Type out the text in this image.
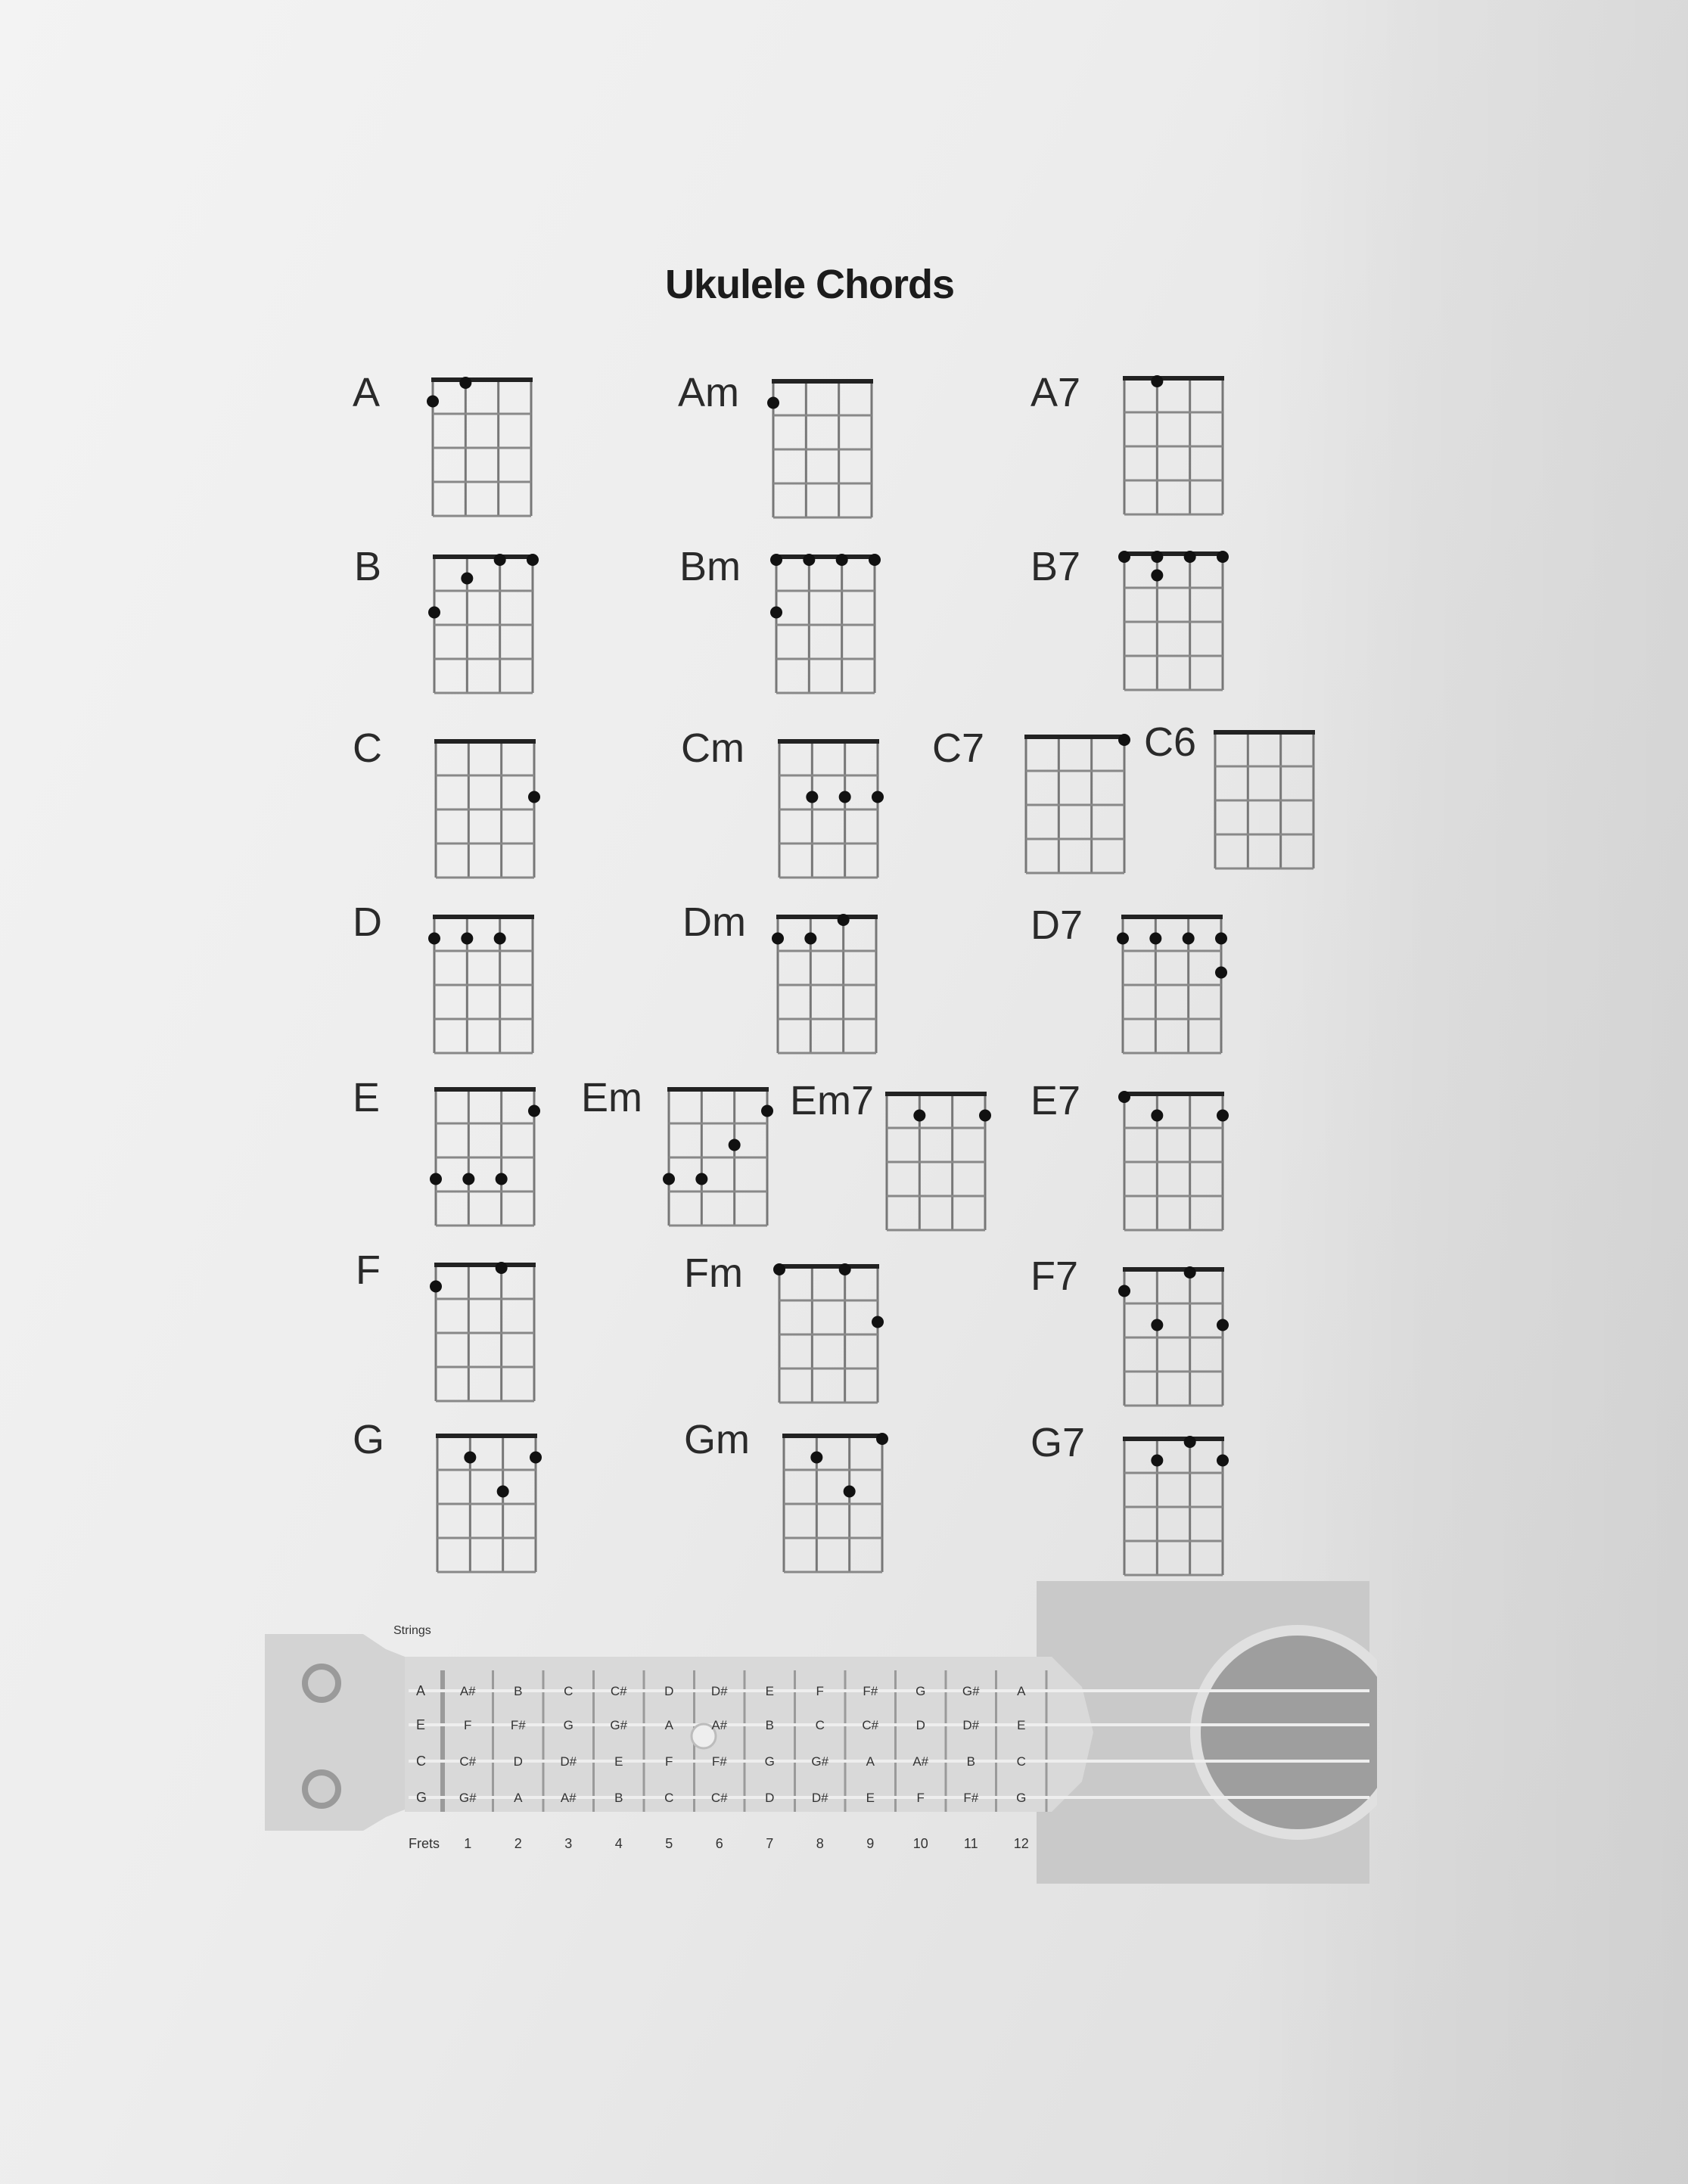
Ukulele Chords
A	Am	A7
B	Bm	B7
C	Cm	C7	C6
D	Dm	D7
E	Em	Em7	E7
F	Fm	F7
G	Gm	G7
A	A#	B	C	C#	D	D#	E	F	F#	G	G#	A
E	F	F#	G	G#	A	A#	B	C	C#	D	D#	E
C	C#	D	D#	E	F	F#	G	G#	A	A#	B	C
G	G#	A	A#	B	C	C#	D	D#	E	F	F#	G
1	2	3	4	5	6	7	8	9	10	11	12
Strings
Frets
